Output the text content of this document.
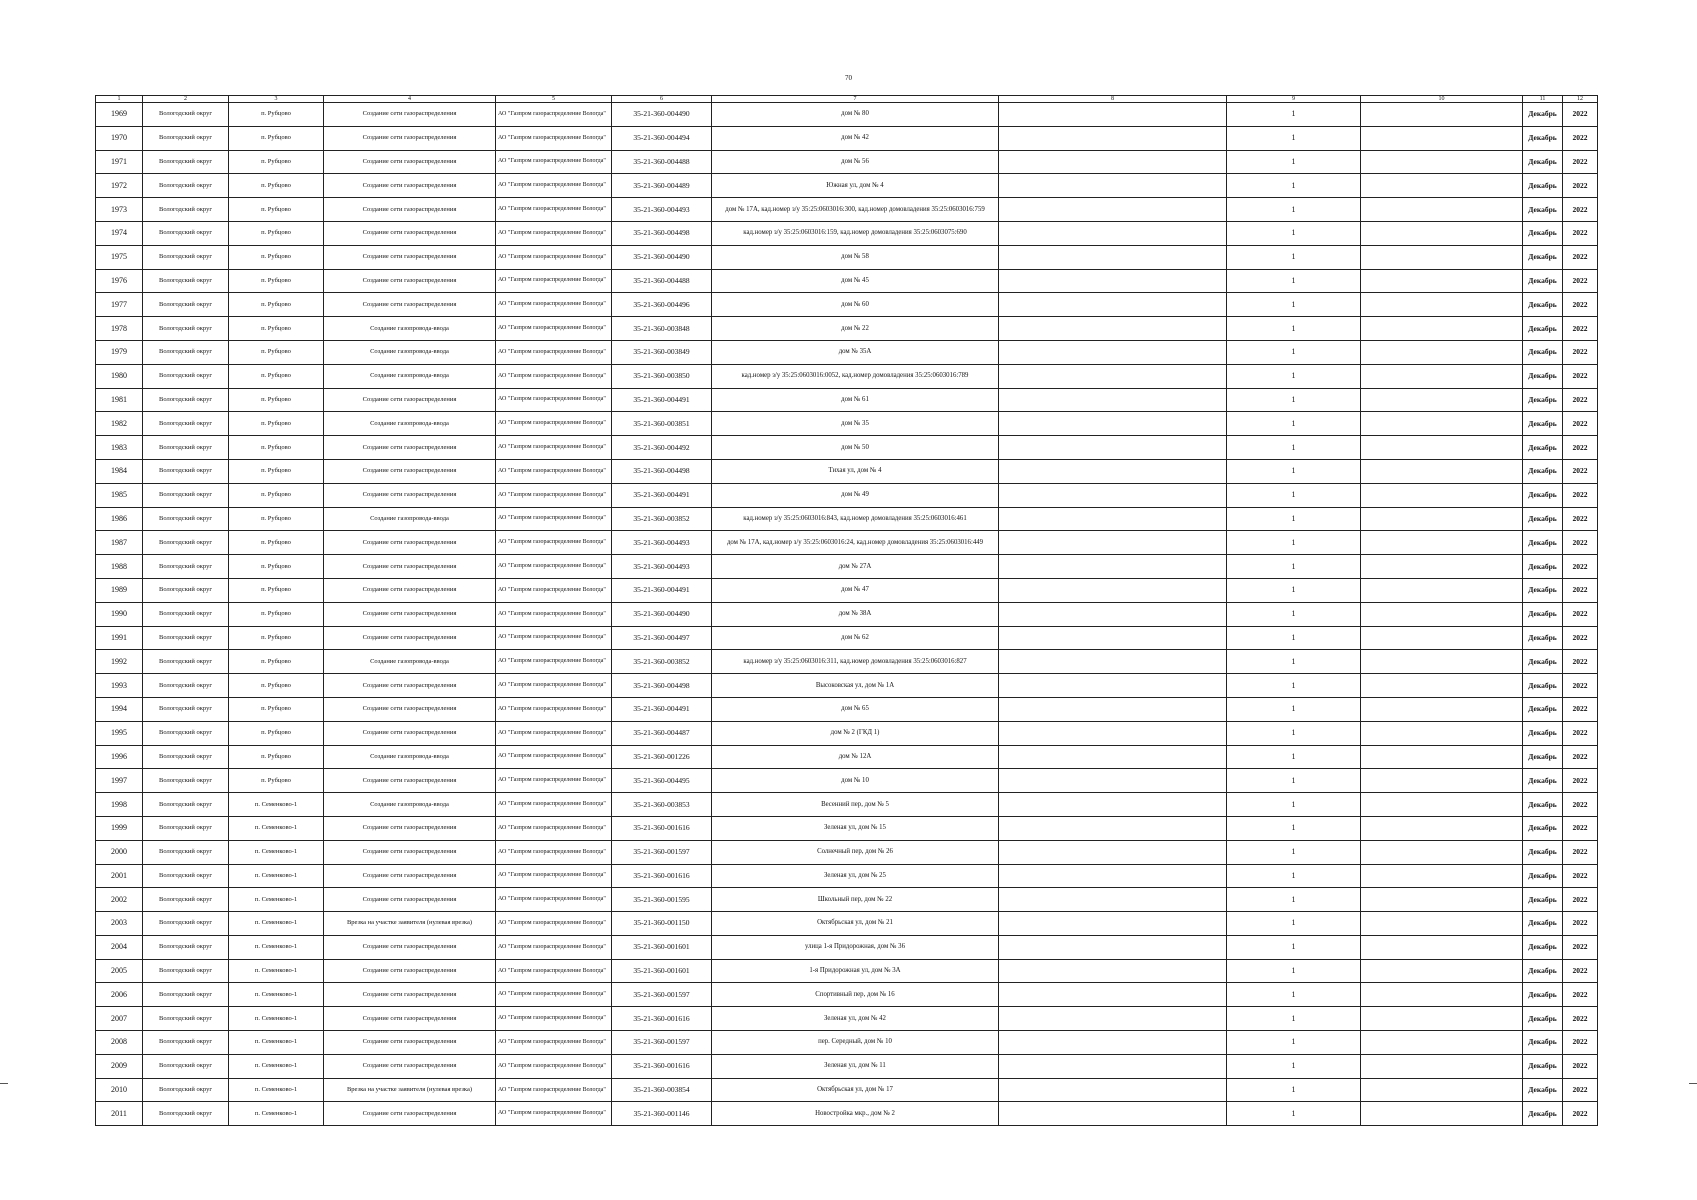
70
1	2	3	4	5	6	7	8	9	10	11	12
1969	Вологодский округ	п. Рубцово	Создание сети газораспределения	АО "Газпром газораспределение Вологда"	35-21-360-004490	дом № 80		1		Декабрь	2022
1970	Вологодский округ	п. Рубцово	Создание сети газораспределения	АО "Газпром газораспределение Вологда"	35-21-360-004494	дом № 42		1		Декабрь	2022
1971	Вологодский округ	п. Рубцово	Создание сети газораспределения	АО "Газпром газораспределение Вологда"	35-21-360-004488	дом № 56		1		Декабрь	2022
1972	Вологодский округ	п. Рубцово	Создание сети газораспределения	АО "Газпром газораспределение Вологда"	35-21-360-004489	Южная ул, дом № 4		1		Декабрь	2022
1973	Вологодский округ	п. Рубцово	Создание сети газораспределения	АО "Газпром газораспределение Вологда"	35-21-360-004493	дом № 17А, кад.номер з/у 35:25:0603016:300, кад.номер домовладения 35:25:0603016:759		1		Декабрь	2022
1974	Вологодский округ	п. Рубцово	Создание сети газораспределения	АО "Газпром газораспределение Вологда"	35-21-360-004498	кад.номер з/у 35:25:0603016:159, кад.номер домовладения 35:25:0603075:690		1		Декабрь	2022
1975	Вологодский округ	п. Рубцово	Создание сети газораспределения	АО "Газпром газораспределение Вологда"	35-21-360-004490	дом № 58		1		Декабрь	2022
1976	Вологодский округ	п. Рубцово	Создание сети газораспределения	АО "Газпром газораспределение Вологда"	35-21-360-004488	дом № 45		1		Декабрь	2022
1977	Вологодский округ	п. Рубцово	Создание сети газораспределения	АО "Газпром газораспределение Вологда"	35-21-360-004496	дом № 60		1		Декабрь	2022
1978	Вологодский округ	п. Рубцово	Создание газопровода-ввода	АО "Газпром газораспределение Вологда"	35-21-360-003848	дом № 22		1		Декабрь	2022
1979	Вологодский округ	п. Рубцово	Создание газопровода-ввода	АО "Газпром газораспределение Вологда"	35-21-360-003849	дом № 35А		1		Декабрь	2022
1980	Вологодский округ	п. Рубцово	Создание газопровода-ввода	АО "Газпром газораспределение Вологда"	35-21-360-003850	кад.номер з/у 35:25:0603016:0052, кад.номер домовладения 35:25:0603016:789		1		Декабрь	2022
1981	Вологодский округ	п. Рубцово	Создание сети газораспределения	АО "Газпром газораспределение Вологда"	35-21-360-004491	дом № 61		1		Декабрь	2022
1982	Вологодский округ	п. Рубцово	Создание газопровода-ввода	АО "Газпром газораспределение Вологда"	35-21-360-003851	дом № 35		1		Декабрь	2022
1983	Вологодский округ	п. Рубцово	Создание сети газораспределения	АО "Газпром газораспределение Вологда"	35-21-360-004492	дом № 50		1		Декабрь	2022
1984	Вологодский округ	п. Рубцово	Создание сети газораспределения	АО "Газпром газораспределение Вологда"	35-21-360-004498	Тихая ул, дом № 4		1		Декабрь	2022
1985	Вологодский округ	п. Рубцово	Создание сети газораспределения	АО "Газпром газораспределение Вологда"	35-21-360-004491	дом № 49		1		Декабрь	2022
1986	Вологодский округ	п. Рубцово	Создание газопровода-ввода	АО "Газпром газораспределение Вологда"	35-21-360-003852	кад.номер з/у 35:25:0603016:843, кад.номер домовладения 35:25:0603016:461		1		Декабрь	2022
1987	Вологодский округ	п. Рубцово	Создание сети газораспределения	АО "Газпром газораспределение Вологда"	35-21-360-004493	дом № 17А, кад.номер з/у 35:25:0603016:24, кад.номер домовладения 35:25:0603016:449		1		Декабрь	2022
1988	Вологодский округ	п. Рубцово	Создание сети газораспределения	АО "Газпром газораспределение Вологда"	35-21-360-004493	дом № 27А		1		Декабрь	2022
1989	Вологодский округ	п. Рубцово	Создание сети газораспределения	АО "Газпром газораспределение Вологда"	35-21-360-004491	дом № 47		1		Декабрь	2022
1990	Вологодский округ	п. Рубцово	Создание сети газораспределения	АО "Газпром газораспределение Вологда"	35-21-360-004490	дом № 38А		1		Декабрь	2022
1991	Вологодский округ	п. Рубцово	Создание сети газораспределения	АО "Газпром газораспределение Вологда"	35-21-360-004497	дом № 62		1		Декабрь	2022
1992	Вологодский округ	п. Рубцово	Создание газопровода-ввода	АО "Газпром газораспределение Вологда"	35-21-360-003852	кад.номер з/у 35:25:0603016:311, кад.номер домовладения 35:25:0603016:827		1		Декабрь	2022
1993	Вологодский округ	п. Рубцово	Создание сети газораспределения	АО "Газпром газораспределение Вологда"	35-21-360-004498	Высоковская ул, дом № 1А		1		Декабрь	2022
1994	Вологодский округ	п. Рубцово	Создание сети газораспределения	АО "Газпром газораспределение Вологда"	35-21-360-004491	дом № 65		1		Декабрь	2022
1995	Вологодский округ	п. Рубцово	Создание сети газораспределения	АО "Газпром газораспределение Вологда"	35-21-360-004487	дом № 2 (ГКД 1)		1		Декабрь	2022
1996	Вологодский округ	п. Рубцово	Создание газопровода-ввода	АО "Газпром газораспределение Вологда"	35-21-360-001226	дом № 12А		1		Декабрь	2022
1997	Вологодский округ	п. Рубцово	Создание сети газораспределения	АО "Газпром газораспределение Вологда"	35-21-360-004495	дом № 10		1		Декабрь	2022
1998	Вологодский округ	п. Семенково-1	Создание газопровода-ввода	АО "Газпром газораспределение Вологда"	35-21-360-003853	Весенний пер, дом № 5		1		Декабрь	2022
1999	Вологодский округ	п. Семенково-1	Создание сети газораспределения	АО "Газпром газораспределение Вологда"	35-21-360-001616	Зеленая ул, дом № 15		1		Декабрь	2022
2000	Вологодский округ	п. Семенково-1	Создание сети газораспределения	АО "Газпром газораспределение Вологда"	35-21-360-001597	Солнечный пер, дом № 26		1		Декабрь	2022
2001	Вологодский округ	п. Семенково-1	Создание сети газораспределения	АО "Газпром газораспределение Вологда"	35-21-360-001616	Зеленая ул, дом № 25		1		Декабрь	2022
2002	Вологодский округ	п. Семенково-1	Создание сети газораспределения	АО "Газпром газораспределение Вологда"	35-21-360-001595	Школьный пер, дом № 22		1		Декабрь	2022
2003	Вологодский округ	п. Семенково-1	Врезка на участке заявителя (нулевая врезка)	АО "Газпром газораспределение Вологда"	35-21-360-001150	Октябрьская ул, дом № 21		1		Декабрь	2022
2004	Вологодский округ	п. Семенково-1	Создание сети газораспределения	АО "Газпром газораспределение Вологда"	35-21-360-001601	улица 1-я Придорожная, дом № 36		1		Декабрь	2022
2005	Вологодский округ	п. Семенково-1	Создание сети газораспределения	АО "Газпром газораспределение Вологда"	35-21-360-001601	1-я Придорожная ул, дом № 3А		1		Декабрь	2022
2006	Вологодский округ	п. Семенково-1	Создание сети газораспределения	АО "Газпром газораспределение Вологда"	35-21-360-001597	Спортивный пер, дом № 16		1		Декабрь	2022
2007	Вологодский округ	п. Семенково-1	Создание сети газораспределения	АО "Газпром газораспределение Вологда"	35-21-360-001616	Зеленая ул, дом № 42		1		Декабрь	2022
2008	Вологодский округ	п. Семенково-1	Создание сети газораспределения	АО "Газпром газораспределение Вологда"	35-21-360-001597	пер. Середный, дом № 10		1		Декабрь	2022
2009	Вологодский округ	п. Семенково-1	Создание сети газораспределения	АО "Газпром газораспределение Вологда"	35-21-360-001616	Зеленая ул, дом № 11		1		Декабрь	2022
2010	Вологодский округ	п. Семенково-1	Врезка на участке заявителя (нулевая врезка)	АО "Газпром газораспределение Вологда"	35-21-360-003854	Октябрьская ул, дом № 17		1		Декабрь	2022
2011	Вологодский округ	п. Семенково-1	Создание сети газораспределения	АО "Газпром газораспределение Вологда"	35-21-360-001146	Новостройка мкр., дом № 2		1		Декабрь	2022
